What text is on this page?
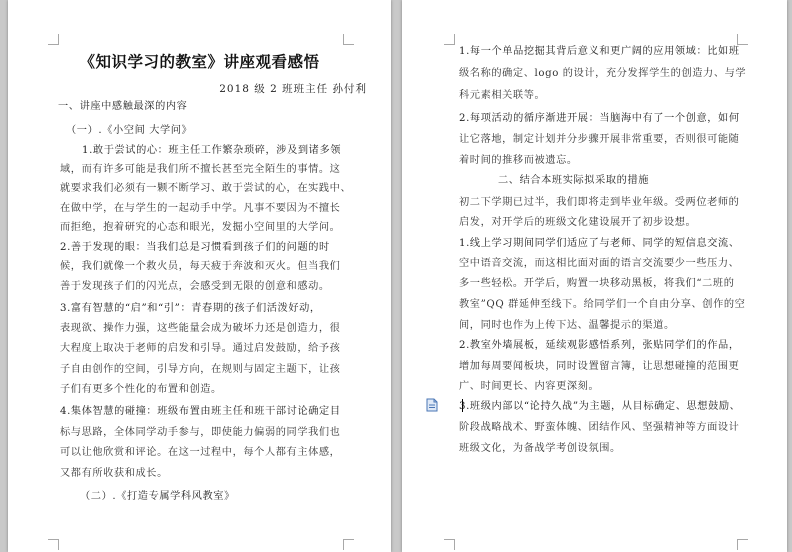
《知识学习的教室》讲座观看感悟
2018 级 2 班班主任 孙付利
一、讲座中感触最深的内容
（一）.《小空间 大学问》
1.敢于尝试的心：班主任工作繁杂琐碎，涉及到诸多领
域，而有许多可能是我们所不擅长甚至完全陌生的事情。这
就要求我们必须有一颗不断学习、敢于尝试的心，在实践中、
在做中学，在与学生的一起动手中学。凡事不要因为不擅长
而拒绝，抱着研究的心态和眼光，发掘小空间里的大学问。
2.善于发现的眼：当我们总是习惯看到孩子们的问题的时
候，我们就像一个救火员，每天疲于奔波和灭火。但当我们
善于发现孩子们的闪光点，会感受到无限的创意和感动。
3.富有智慧的“启”和“引”：青春期的孩子们活泼好动，
表现欲、操作力强，这些能量会成为破坏力还是创造力，很
大程度上取决于老师的启发和引导。通过启发鼓励，给予孩
子自由创作的空间，引导方向，在规则与固定主题下，让孩
子们有更多个性化的布置和创造。
4.集体智慧的碰撞：班级布置由班主任和班干部讨论确定目
标与思路，全体同学动手参与，即使能力偏弱的同学我们也
可以让他欣赏和评论。在这一过程中，每个人都有主体感，
又都有所收获和成长。
（二）.《打造专属学科风教室》
1.每一个单品挖掘其背后意义和更广阔的应用领域：比如班
级名称的确定、logo 的设计，充分发挥学生的创造力、与学
科元素相关联等。
2.每项活动的循序渐进开展：当脑海中有了一个创意，如何
让它落地，制定计划并分步骤开展非常重要，否则很可能随
着时间的推移而被遗忘。
二、结合本班实际拟采取的措施
初二下学期已过半，我们即将走到毕业年级。受两位老师的
启发，对开学后的班级文化建设展开了初步设想。
1.线上学习期间同学们适应了与老师、同学的短信息交流、
空中语音交流，而这相比面对面的语言交流要少一些压力、
多一些轻松。开学后，购置一块移动黑板，将我们“二班的
教室”QQ 群延伸至线下。给同学们一个自由分享、创作的空
间，同时也作为上传下达、温馨提示的渠道。
2.教室外墙展板，延续观影感悟系列，张贴同学们的作品，
增加每周要闻板块，同时设置留言簿，让思想碰撞的范围更
广、时间更长、内容更深刻。
3.班级内部以“论持久战”为主题，从目标确定、思想鼓励、
阶段战略战术、野蛮体魄、团结作风、坚强精神等方面设计
班级文化，为备战学考创设氛围。
